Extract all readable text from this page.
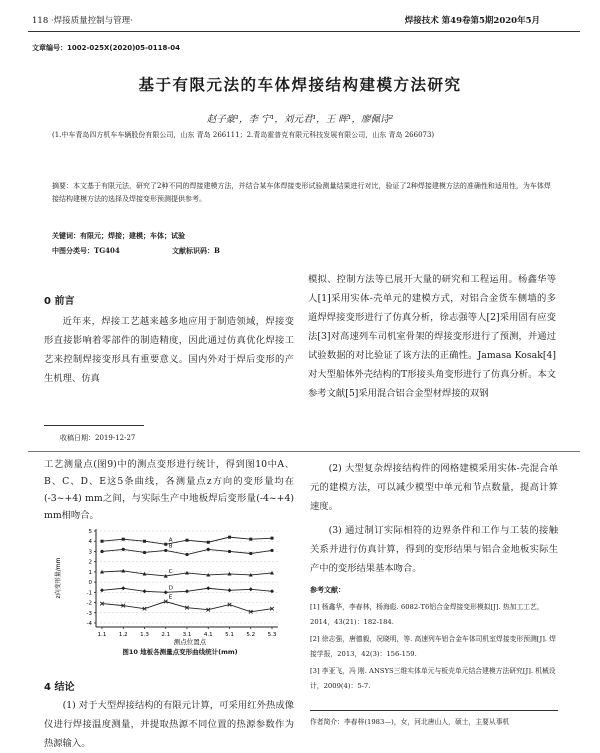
118 ·焊接质量控制与管理·	焊接技术 第49卷第5期2020年5月
文章编号：1002-025X(2020)05-0118-04
基于有限元法的车体焊接结构建模方法研究
赵子豪¹，李 宁¹，刘元君¹，王 晖¹，廖佩诗²
(1.中车青岛四方机车车辆股份有限公司，山东 青岛 266111；2.青岛霍普克有限元科技发展有限公司，山东 青岛 266073)
摘要：本文基于有限元法，研究了2种不同的焊接建模方法，并结合某车体焊接变形试验测量结果进行对比，验证了2种焊接建模方法的准确性和适用性，为车体焊接结构建模方法的选择及焊接变形预测提供参考。
关键词：有限元；焊接；建模；车体；试验
中图分类号：TG404	文献标识码：B
0 前言
近年来，焊接工艺越来越多地应用于制造领域，焊接变形直接影响着零部件的制造精度，因此通过仿真优化焊接工艺来控制焊接变形具有重要意义。国内外对于焊后变形的产生机理、仿真
收稿日期：2019-12-27
模拟、控制方法等已展开大量的研究和工程运用。杨鑫华等人[1]采用实体-壳单元的建模方式，对铝合金货车侧墙的多道焊焊接变形进行了仿真分析，徐志强等人[2]采用固有应变法[3]对高速列车司机室骨架的焊接变形进行了预测，并通过试验数据的对比验证了该方法的正确性。Jamasa Kosak[4]对大型船体外壳结构的T形接头角变形进行了仿真分析。本文参考文献[5]采用混合铝合金型材焊接的双钢
工艺测量点(图9)中的测点变形进行统计，得到图10中A、B、C、D、E这5条曲线，各测量点z方向的变形量均在(-3~+4) mm之间，与实际生产中地板焊后变形量(-4~+4) mm相吻合。
z向变形量/mm
测点位置点
5
4
3
2
1
0
-1
-2
-3
-4
1.1 1.2 1.3 2.1 3.1 4.1 5.1 5.2 5.3
A
B
C
D
E
图10 地板各测量点变形曲线统计(mm)
4 结论
(1) 对于大型焊接结构的有限元计算，可采用红外热成像仪进行焊接温度测量，并提取热源不同位置的热源参数作为热源输入。
(2) 大型复杂焊接结构件的网格建模采用实体-壳混合单元的建模方法，可以减少模型中单元和节点数量，提高计算速度。
(3) 通过制订实际相符的边界条件和工作与工装的接触关系并进行仿真计算，得到的变形结果与铝合金地板实际生产中的变形结果基本吻合。
参考文献：
[1] 杨鑫华，李春林，杨海彪. 6082-T6铝合金焊接变形模拟[J]. 热加工工艺，2014，43(21)：182-184.
[2] 徐志强，唐德毅，况晓明，等. 高速列车铝合金车体司机室焊接变形预测[J]. 焊接学报，2013，42(3)：156-159.
[3] 李亚飞，冯 刚. ANSYS三维实体单元与板壳单元结合建模方法研究[J]. 机械设计，2009(4)：5-7.
作者简介：李春梓(1983—)，女，河北唐山人，硕士，主要从事机
